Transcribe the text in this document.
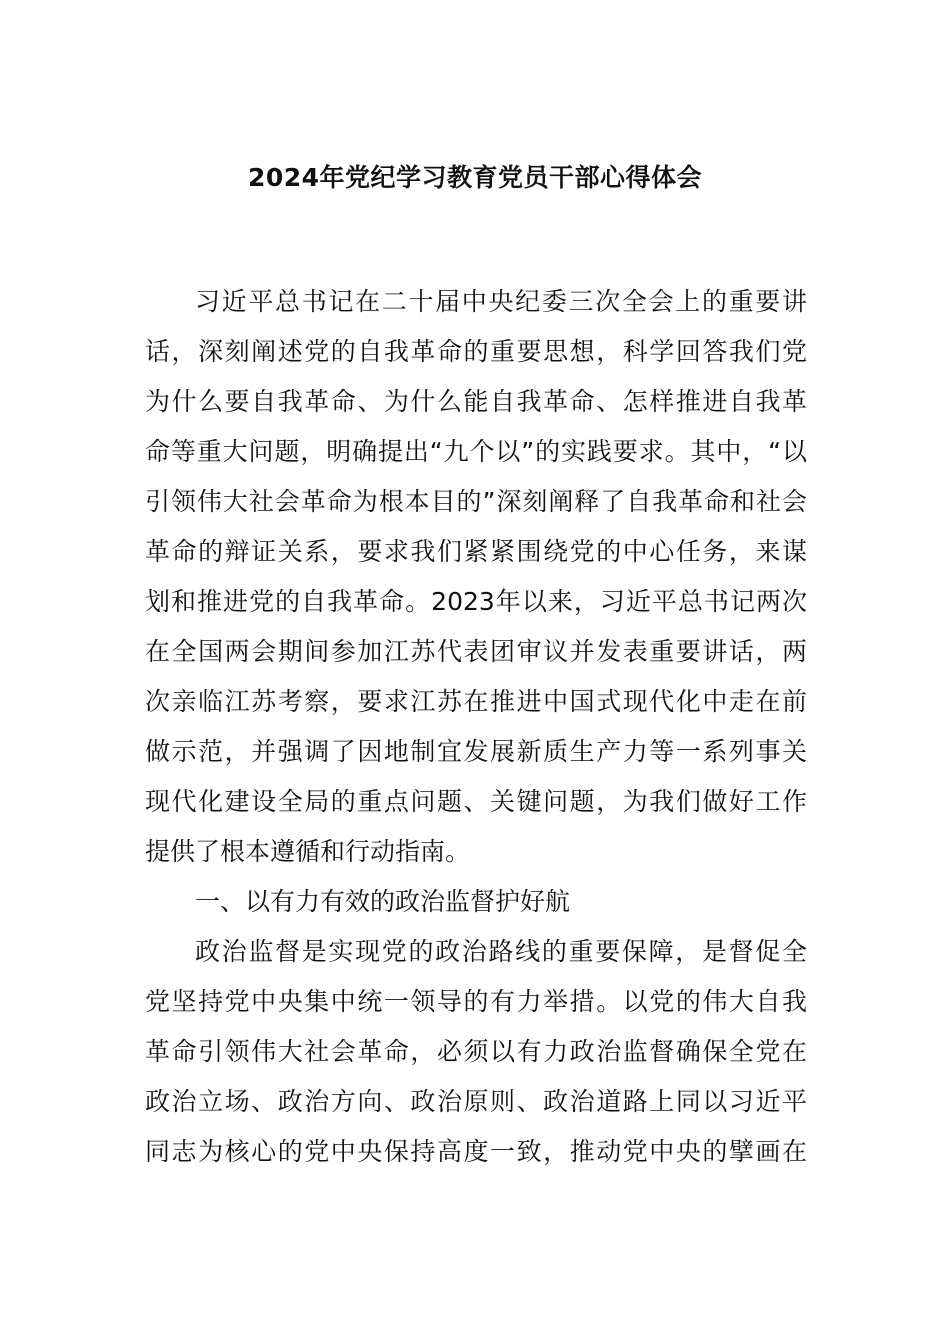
2024年党纪学习教育党员干部心得体会
习近平总书记在二十届中央纪委三次全会上的重要讲
话，深刻阐述党的自我革命的重要思想，科学回答我们党
为什么要自我革命、为什么能自我革命、怎样推进自我革
命等重大问题，明确提出“九个以”的实践要求。其中，“以
引领伟大社会革命为根本目的”深刻阐释了自我革命和社会
革命的辩证关系，要求我们紧紧围绕党的中心任务，来谋
划和推进党的自我革命。2023年以来，习近平总书记两次
在全国两会期间参加江苏代表团审议并发表重要讲话，两
次亲临江苏考察，要求江苏在推进中国式现代化中走在前
做示范，并强调了因地制宜发展新质生产力等一系列事关
现代化建设全局的重点问题、关键问题，为我们做好工作
提供了根本遵循和行动指南。
一、以有力有效的政治监督护好航
政治监督是实现党的政治路线的重要保障，是督促全
党坚持党中央集中统一领导的有力举措。以党的伟大自我
革命引领伟大社会革命，必须以有力政治监督确保全党在
政治立场、政治方向、政治原则、政治道路上同以习近平
同志为核心的党中央保持高度一致，推动党中央的擘画在
